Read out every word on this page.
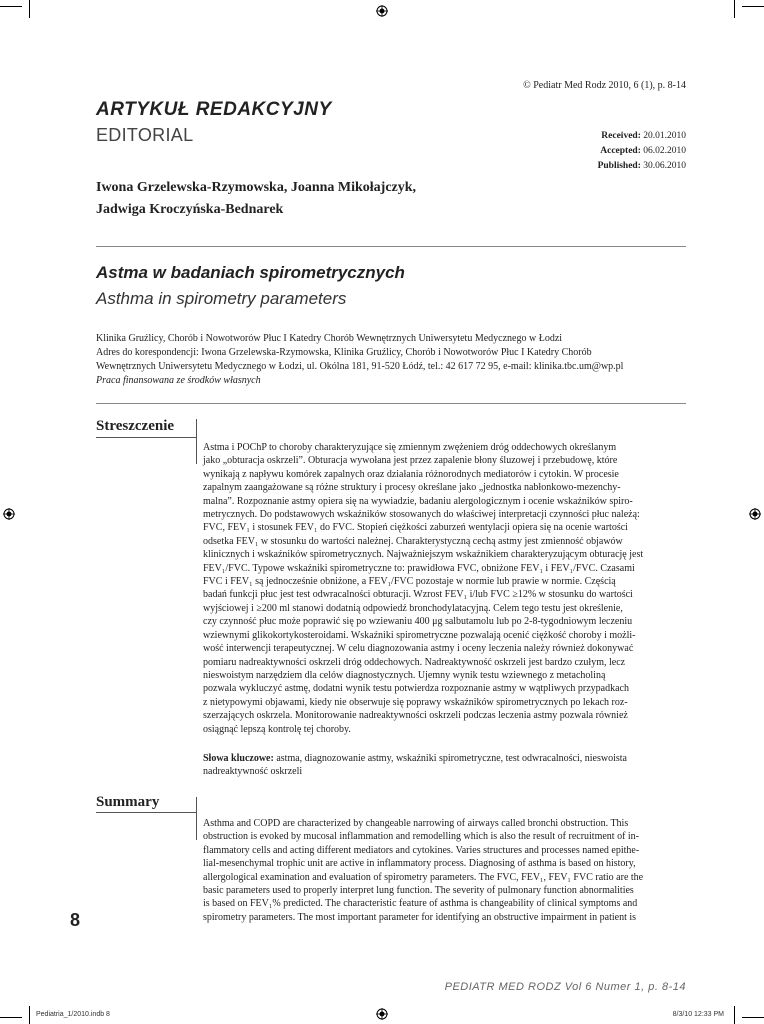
© Pediatr Med Rodz 2010, 6 (1), p. 8-14
ARTYKUŁ REDAKCYJNY
EDITORIAL	Received: 20.01.2010
Accepted: 06.02.2010
Published: 30.06.2010
Iwona Grzelewska-Rzymowska, Joanna Mikołajczyk,
Jadwiga Kroczyńska-Bednarek
Astma w badaniach spirometrycznych
Asthma in spirometry parameters
Klinika Gruźlicy, Chorób i Nowotworów Płuc I Katedry Chorób Wewnętrznych Uniwersytetu Medycznego w Łodzi
Adres do korespondencji: Iwona Grzelewska-Rzymowska, Klinika Gruźlicy, Chorób i Nowotworów Płuc I Katedry Chorób
Wewnętrznych Uniwersytetu Medycznego w Łodzi, ul. Okólna 181, 91-520 Łódź, tel.: 42 617 72 95, e-mail: klinika.tbc.um@wp.pl
Praca finansowana ze środków własnych
Streszczenie
Astma i POChP to choroby charakteryzujące się zmiennym zwężeniem dróg oddechowych określanym
jako „obturacja oskrzeli”. Obturacja wywołana jest przez zapalenie błony śluzowej i przebudowę, które
wynikają z napływu komórek zapalnych oraz działania różnorodnych mediatorów i cytokin. W procesie
zapalnym zaangażowane są różne struktury i procesy określane jako „jednostka nabłonkowo-mezenchy-
malna”. Rozpoznanie astmy opiera się na wywiadzie, badaniu alergologicznym i ocenie wskaźników spiro-
metrycznych. Do podstawowych wskaźników stosowanych do właściwej interpretacji czynności płuc należą:
FVC, FEV₁ i stosunek FEV₁ do FVC. Stopień ciężkości zaburzeń wentylacji opiera się na ocenie wartości
odsetka FEV₁ w stosunku do wartości należnej. Charakterystyczną cechą astmy jest zmienność objawów
klinicznych i wskaźników spirometrycznych. Najważniejszym wskaźnikiem charakteryzującym obturację jest
FEV₁/FVC. Typowe wskaźniki spirometryczne to: prawidłowa FVC, obniżone FEV₁ i FEV₁/FVC. Czasami
FVC i FEV₁ są jednocześnie obniżone, a FEV₁/FVC pozostaje w normie lub prawie w normie. Częścią
badań funkcji płuc jest test odwracalności obturacji. Wzrost FEV₁ i/lub FVC ≥12% w stosunku do wartości
wyjściowej i ≥200 ml stanowi dodatnią odpowiedź bronchodylatacyjną. Celem tego testu jest określenie,
czy czynność płuc może poprawić się po wziewaniu 400 μg salbutamolu lub po 2-8-tygodniowym leczeniu
wziewnymi glikokortykosteroidami. Wskaźniki spirometryczne pozwalają ocenić ciężkość choroby i możli-
wość interwencji terapeutycznej. W celu diagnozowania astmy i oceny leczenia należy również dokonywać
pomiaru nadreaktywności oskrzeli dróg oddechowych. Nadreaktywność oskrzeli jest bardzo czułym, lecz
nieswoistym narzędziem dla celów diagnostycznych. Ujemny wynik testu wziewnego z metacholiną
pozwala wykluczyć astmę, dodatni wynik testu potwierdza rozpoznanie astmy w wątpliwych przypadkach
z nietypowymi objawami, kiedy nie obserwuje się poprawy wskaźników spirometrycznych po lekach roz-
szerzających oskrzela. Monitorowanie nadreaktywności oskrzeli podczas leczenia astmy pozwala również
osiągnąć lepszą kontrolę tej choroby.
Słowa kluczowe: astma, diagnozowanie astmy, wskaźniki spirometryczne, test odwracalności, nieswoista
nadreaktywność oskrzeli
Summary
Asthma and COPD are characterized by changeable narrowing of airways called bronchi obstruction. This
obstruction is evoked by mucosal inflammation and remodelling which is also the result of recruitment of in-
flammatory cells and acting different mediators and cytokines. Varies structures and processes named epithe-
lial-mesenchymal trophic unit are active in inflammatory process. Diagnosing of asthma is based on history,
allergological examination and evaluation of spirometry parameters. The FVC, FEV₁, FEV₁ FVC ratio are the
basic parameters used to properly interpret lung function. The severity of pulmonary function abnormalities
is based on FEV₁% predicted. The characteristic feature of asthma is changeability of clinical symptoms and
spirometry parameters. The most important parameter for identifying an obstructive impairment in patient is
8
PEDIATR MED RODZ Vol 6 Numer 1, p. 8-14
Pediatria_1/2010.indb 8	8/3/10 12:33 PM
